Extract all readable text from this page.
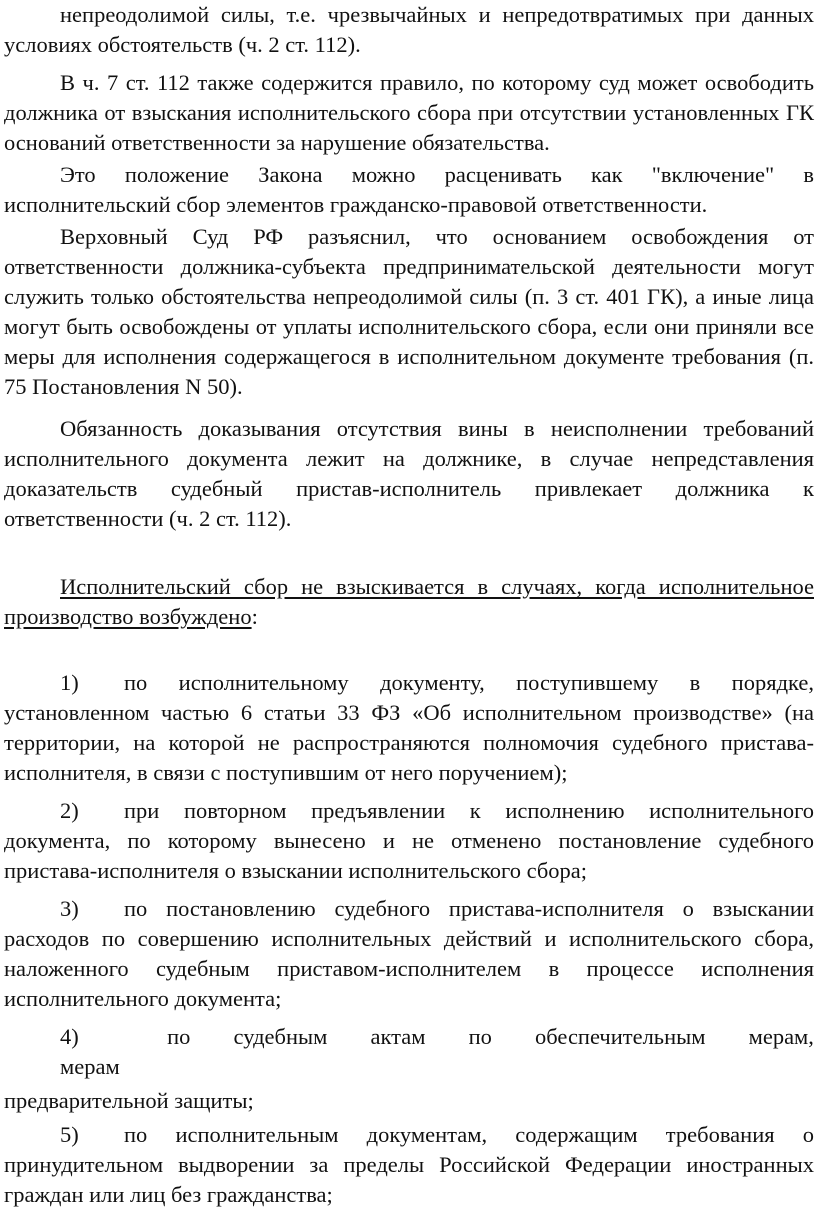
непреодолимой силы, т.е. чрезвычайных и непредотвратимых при данных условиях обстоятельств (ч. 2 ст. 112).

В ч. 7 ст. 112 также содержится правило, по которому суд может освободить должника от взыскания исполнительского сбора при отсутствии установленных ГК оснований ответственности за нарушение обязательства.

Это положение Закона можно расценивать как "включение" в исполнительский сбор элементов гражданско-правовой ответственности.

Верховный Суд РФ разъяснил, что основанием освобождения от ответственности должника-субъекта предпринимательской деятельности могут служить только обстоятельства непреодолимой силы (п. 3 ст. 401 ГК), а иные лица могут быть освобождены от уплаты исполнительского сбора, если они приняли все меры для исполнения содержащегося в исполнительном документе требования (п. 75 Постановления N 50).

Обязанность доказывания отсутствия вины в неисполнении требований исполнительного документа лежит на должнике, в случае непредставления доказательств судебный пристав-исполнитель привлекает должника к ответственности (ч. 2 ст. 112).

Исполнительский сбор не взыскивается в случаях, когда исполнительное производство возбуждено:

1) по исполнительному документу, поступившему в порядке, установленном частью 6 статьи 33 ФЗ «Об исполнительном производстве» (на территории, на которой не распространяются полномочия судебного пристава-исполнителя, в связи с поступившим от него поручением);

2) при повторном предъявлении к исполнению исполнительного документа, по которому вынесено и не отменено постановление судебного пристава-исполнителя о взыскании исполнительского сбора;

3) по постановлению судебного пристава-исполнителя о взыскании расходов по совершению исполнительных действий и исполнительского сбора, наложенного судебным приставом-исполнителем в процессе исполнения исполнительного документа;

4)	по судебным актам по обеспечительным мерам,
мерам

предварительной защиты;

5) по исполнительным документам, содержащим требования о принудительном выдворении за пределы Российской Федерации иностранных граждан или лиц без гражданства;
